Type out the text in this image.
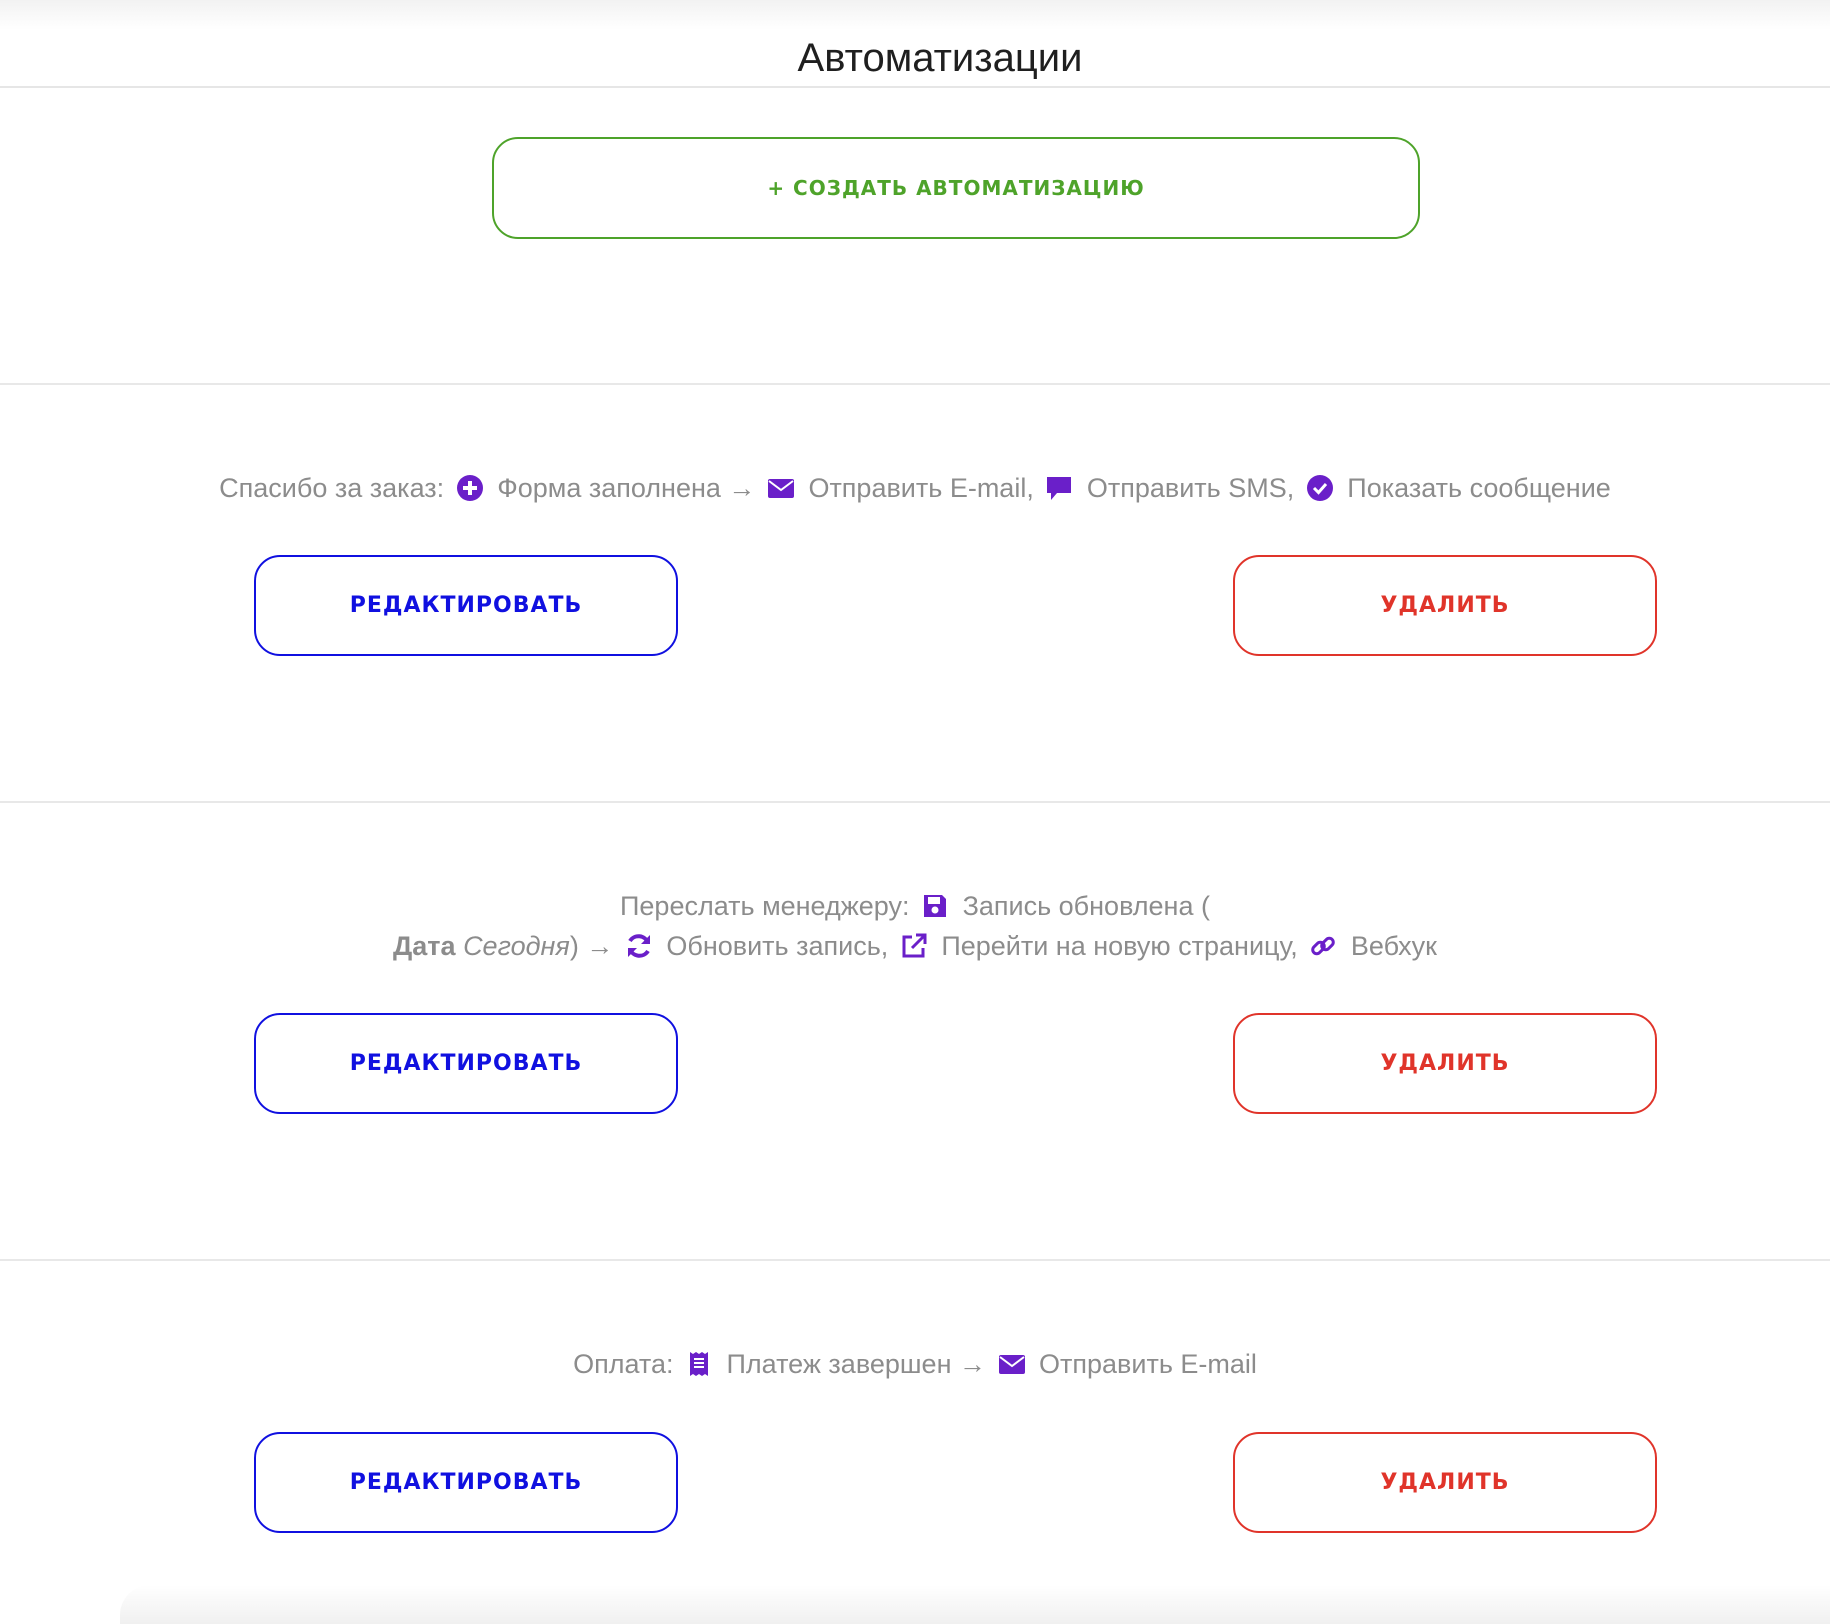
Автоматизации
+ СОЗДАТЬ АВТОМАТИЗАЦИЮ
Спасибо за заказ: Форма заполнена → Отправить E-mail, Отправить SMS, Показать сообщение
РЕДАКТИРОВАТЬ	УДАЛИТЬ
Переслать менеджеру: Запись обновлена (
Дата Сегодня) → Обновить запись, Перейти на новую страницу, Вебхук
РЕДАКТИРОВАТЬ	УДАЛИТЬ
Оплата: Платеж завершен → Отправить E-mail
РЕДАКТИРОВАТЬ	УДАЛИТЬ
